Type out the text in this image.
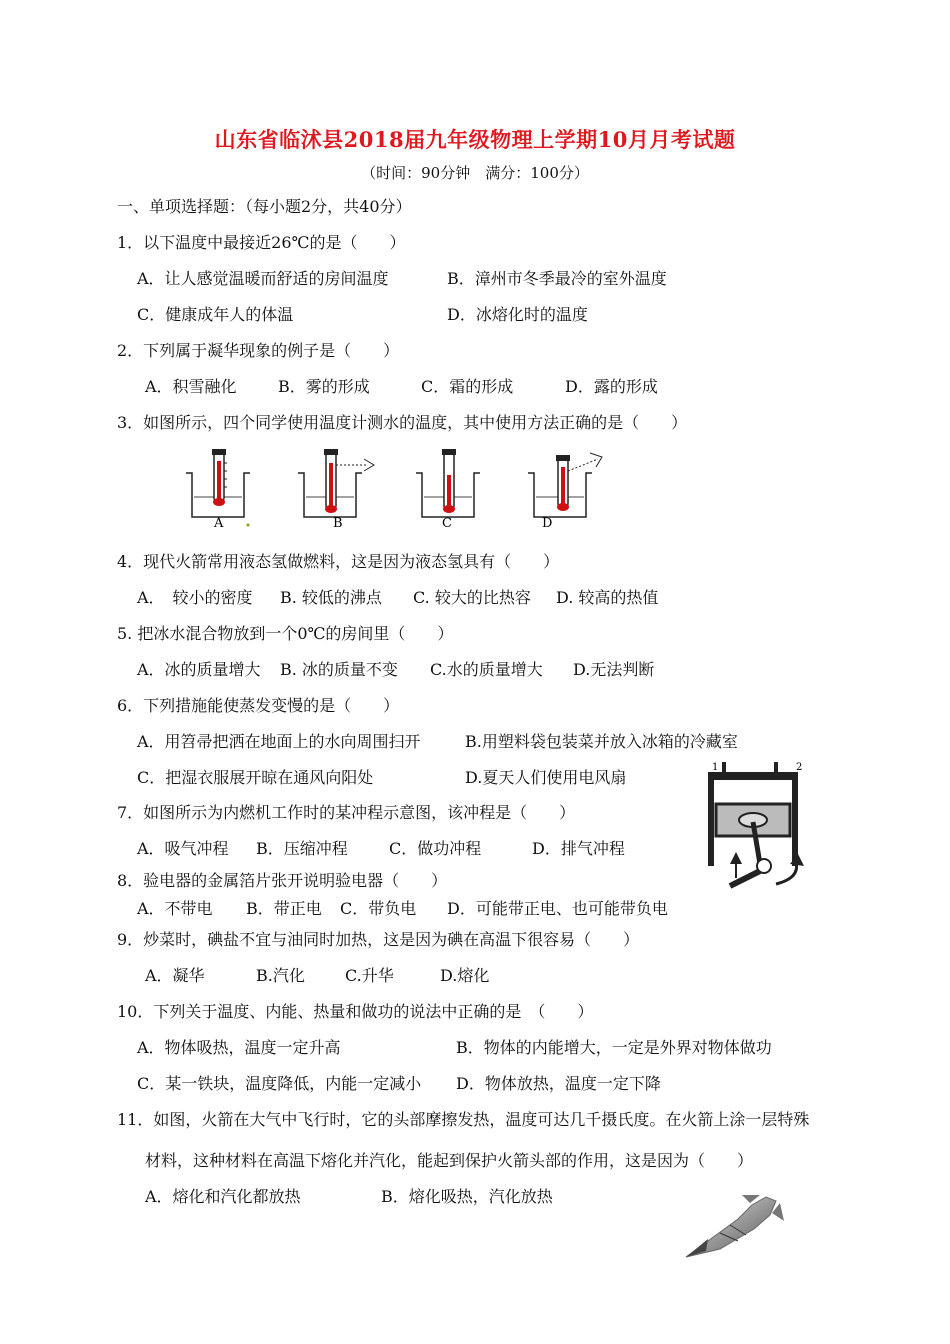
山东省临沭县2018届九年级物理上学期10月月考试题
（时间：90分钟　满分：100分）
一、单项选择题：（每小题2分，共40分）
1．以下温度中最接近26℃的是（　　）
A．让人感觉温暖而舒适的房间温度	B．漳州市冬季最冷的室外温度
C．健康成年人的体温	D．冰熔化时的温度
2．下列属于凝华现象的例子是（　　）
A．积雪融化	B．雾的形成	C．霜的形成	D．露的形成
3．如图所示，四个同学使用温度计测水的温度，其中使用方法正确的是（　　）
A	B	C	D
4．现代火箭常用液态氢做燃料，这是因为液态氢具有（　　）
A．　较小的密度 B. 较低的沸点 C. 较大的比热容 D. 较高的热值
5. 把冰水混合物放到一个0℃的房间里（　　）
A．冰的质量增大 B. 冰的质量不变 C.水的质量增大 D.无法判断
6．下列措施能使蒸发变慢的是（　　）
A．用笤帚把洒在地面上的水向周围扫开	B.用塑料袋包装菜并放入冰箱的冷藏室
C．把湿衣服展开晾在通风向阳处	D.夏天人们使用电风扇
1	2
7．如图所示为内燃机工作时的某冲程示意图，该冲程是（　　）
A．吸气冲程 B．压缩冲程	C．做功冲程	D．排气冲程
8．验电器的金属箔片张开说明验电器（　　）
A．不带电 B．带正电 C．带负电 D．可能带正电、也可能带负电
9．炒菜时，碘盐不宜与油同时加热，这是因为碘在高温下很容易（　　）
A．凝华	B.汽化	C.升华	D.熔化
10．下列关于温度、内能、热量和做功的说法中正确的是　（　　）
A．物体吸热，温度一定升高	B．物体的内能增大，一定是外界对物体做功
C．某一铁块，温度降低，内能一定减小 D．物体放热，温度一定下降
11．如图，火箭在大气中飞行时，它的头部摩擦发热，温度可达几千摄氏度。在火箭上涂一层特殊
材料，这种材料在高温下熔化并汽化，能起到保护火箭头部的作用，这是因为（　　）
A．熔化和汽化都放热	B．熔化吸热，汽化放热
